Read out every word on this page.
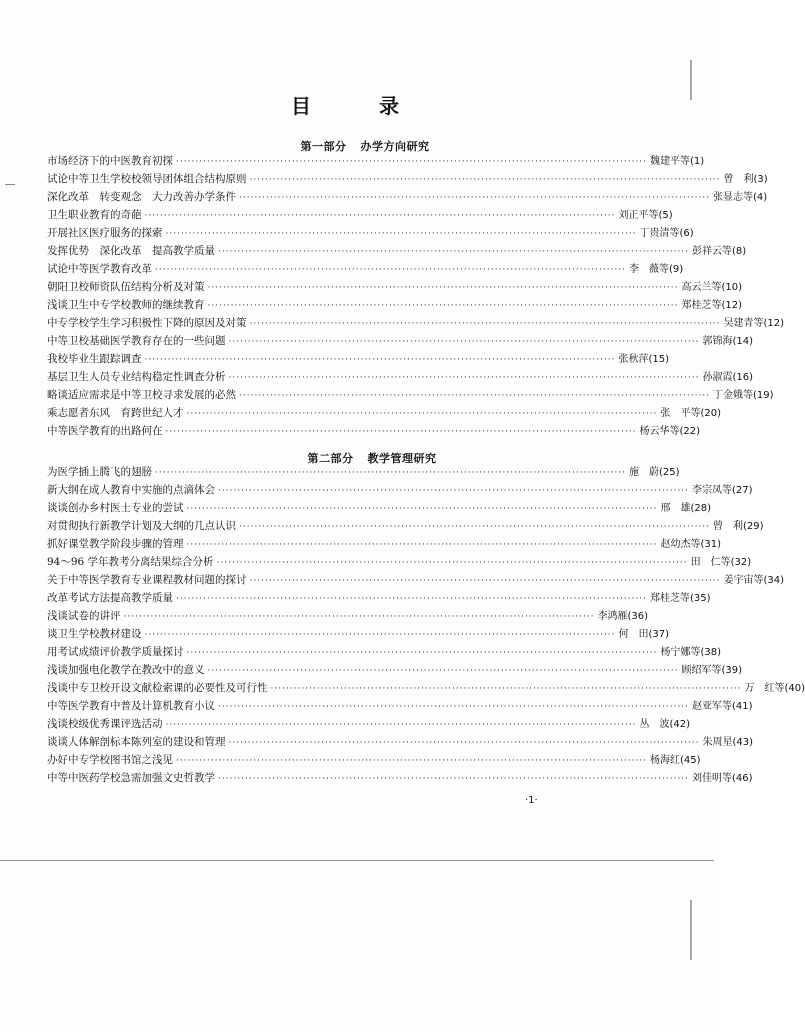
目　录
第一部分 办学方向研究
市场经济下的中医教育初探 ·························································································································· 魏建平等(1)
试论中等卫生学校校领导团体组合结构原则 ·························································································································· 曾　利(3)
深化改革　转变观念　大力改善办学条件 ·························································································································· 张显志等(4)
卫生职业教育的奇葩 ·························································································································· 刘正平等(5)
开展社区医疗服务的探索 ·························································································································· 丁贵清等(6)
发挥优势　深化改革　提高教学质量 ·························································································································· 彭祥云等(8)
试论中等医学教育改革 ·························································································································· 李　薇等(9)
朝阳卫校师资队伍结构分析及对策 ·························································································································· 高云兰等(10)
浅谈卫生中专学校教师的继续教育 ·························································································································· 郑桂芝等(12)
中专学校学生学习积极性下降的原因及对策 ·························································································································· 吴建青等(12)
中等卫校基础医学教育存在的一些问题 ·························································································································· 郭锦海(14)
我校毕业生跟踪调查 ·························································································································· 张秋萍(15)
基层卫生人员专业结构稳定性调查分析 ·························································································································· 孙淑霞(16)
略谈适应需求是中等卫校寻求发展的必然 ·························································································································· 丁金娥等(19)
乘志愿者东风　育跨世纪人才 ·························································································································· 张　平等(20)
中等医学教育的出路何在 ·························································································································· 杨云华等(22)
第二部分 教学管理研究
为医学插上腾飞的翅膀 ·························································································································· 施　蔚(25)
新大纲在成人教育中实施的点滴体会 ·························································································································· 李宗凤等(27)
谈谈创办乡村医士专业的尝试 ·························································································································· 邢　雄(28)
对贯彻执行新教学计划及大纲的几点认识 ·························································································································· 曾　利(29)
抓好课堂教学阶段步骤的管理 ·························································································································· 赵幼杰等(31)
94～96 学年教考分离结果综合分析 ·························································································································· 田　仁等(32)
关于中等医学教育专业课程教材问题的探讨 ·························································································································· 姜宇宙等(34)
改革考试方法提高教学质量 ·························································································································· 郑桂芝等(35)
浅谈试卷的讲评 ·························································································································· 李鸿雁(36)
谈卫生学校教材建设 ·························································································································· 何　田(37)
用考试成绩评价教学质量探讨 ·························································································································· 杨宁娜等(38)
浅谈加强电化教学在教改中的意义 ·························································································································· 顾绍军等(39)
浅谈中专卫校开设文献检索课的必要性及可行性 ·························································································································· 万　红等(40)
中等医学教育中普及计算机教育小议 ·························································································································· 赵亚军等(41)
浅谈校级优秀课评选活动 ·························································································································· 丛　波(42)
谈谈人体解剖标本陈列室的建设和管理 ·························································································································· 朱周星(43)
办好中专学校图书馆之浅见 ·························································································································· 杨海红(45)
中等中医药学校急需加强文史哲教学 ·························································································································· 刘佳明等(46)
·1·
